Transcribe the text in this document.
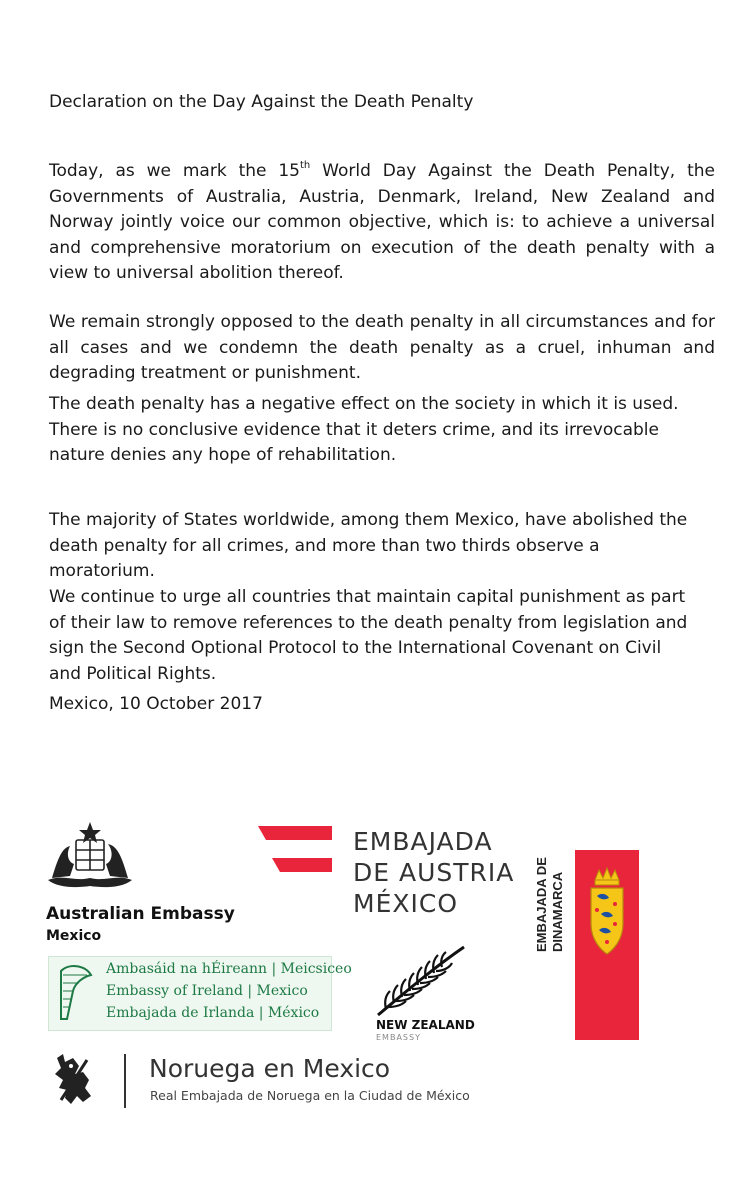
Declaration on the Day Against the Death Penalty

Today, as we mark the 15th World Day Against the Death Penalty, the Governments of Australia, Austria, Denmark, Ireland, New Zealand and Norway jointly voice our common objective, which is: to achieve a universal and comprehensive moratorium on execution of the death penalty with a view to universal abolition thereof.

We remain strongly opposed to the death penalty in all circumstances and for all cases and we condemn the death penalty as a cruel, inhuman and degrading treatment or punishment.

The death penalty has a negative effect on the society in which it is used.
There is no conclusive evidence that it deters crime, and its irrevocable nature denies any hope of rehabilitation.

The majority of States worldwide, among them Mexico, have abolished the death penalty for all crimes, and more than two thirds observe a moratorium.

We continue to urge all countries that maintain capital punishment as part of their law to remove references to the death penalty from legislation and sign the Second Optional Protocol to the International Covenant on Civil and Political Rights.

Mexico, 10 October 2017
Australian Embassy
Mexico
EMBAJADA
DE AUSTRIA
MÉXICO	EMBAJADA DE DINAMARCA
Ambasáid na hÉireann | Meicsiceo
Embassy of Ireland | Mexico
Embajada de Irlanda | México
NEW ZEALAND
EMBASSY
Noruega en Mexico
Real Embajada de Noruega en la Ciudad de México
